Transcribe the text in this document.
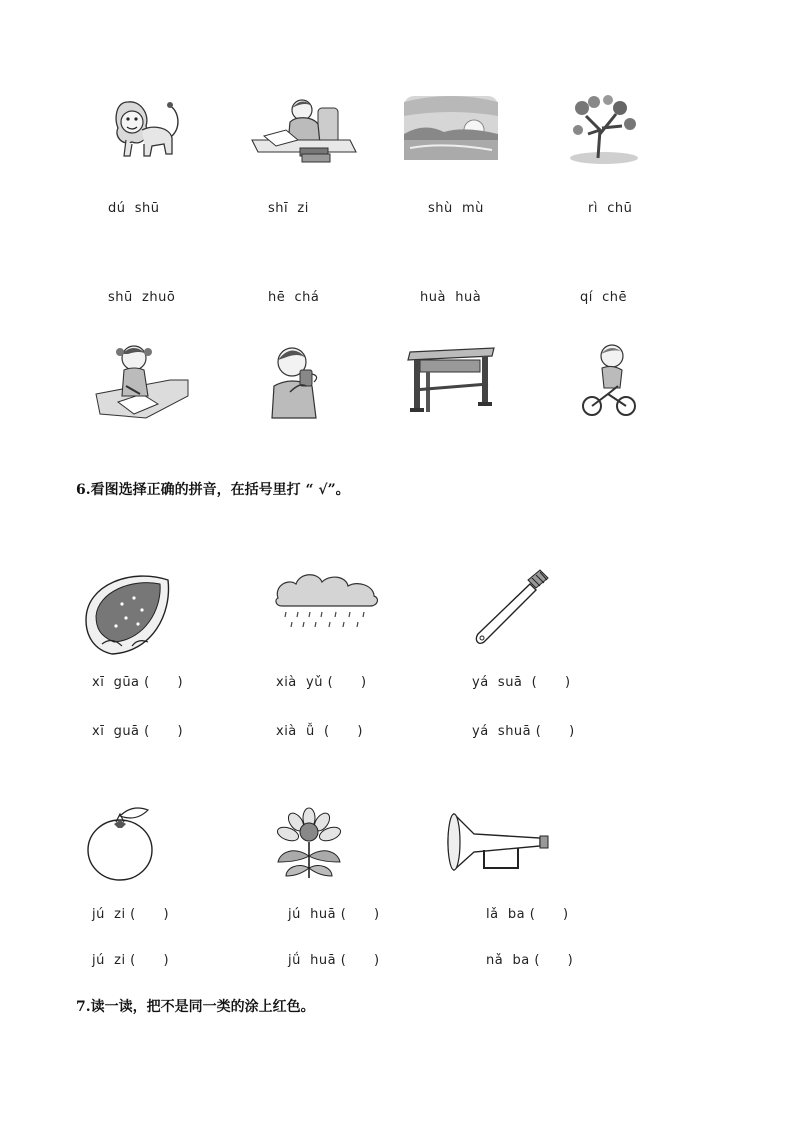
dú  shū	shī  zi	shù  mù	rì  chū
shū  zhuō	hē  chá	huà  huà	qí  chē
6.看图选择正确的拼音，在括号里打 “ √”。
xī  gūa (      )	xià  yǔ (      )	yá  suā  (      )
xī  guā (      )	xià  ǚ  (      )	yá  shuā (      )
jú  zi (      )	jú  huā (      )	lǎ  ba (      )
jú  zi (      )	jǘ  huā (      )	nǎ  ba (      )
7.读一读，把不是同一类的涂上红色。
